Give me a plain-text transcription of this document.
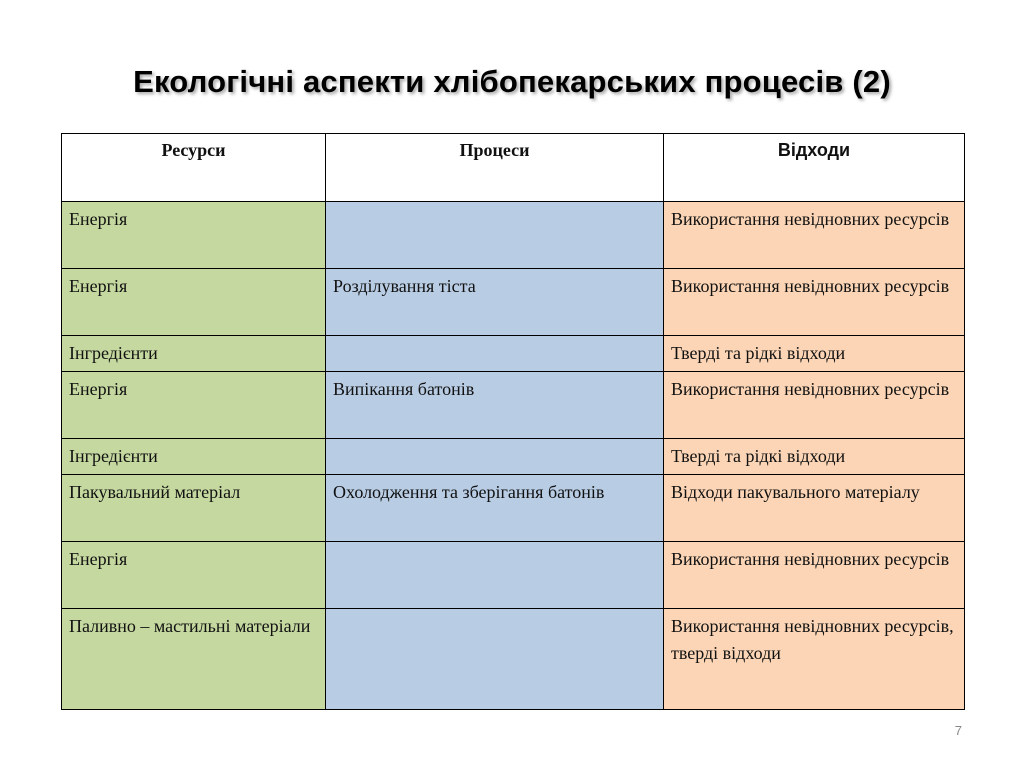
Екологічні аспекти хлібопекарських процесів (2)
Ресурси	Процеси	Відходи
Енергія		Використання невідновних ресурсів
Енергія	Розділування тіста	Використання невідновних ресурсів
Інгредієнти		Тверді та рідкі відходи
Енергія	Випікання батонів	Використання невідновних ресурсів
Інгредієнти		Тверді та рідкі відходи
Пакувальний матеріал	Охолодження та зберігання батонів	Відходи пакувального матеріалу
Енергія		Використання невідновних ресурсів
Паливно – мастильні матеріали		Використання невідновних ресурсів, тверді відходи
7
